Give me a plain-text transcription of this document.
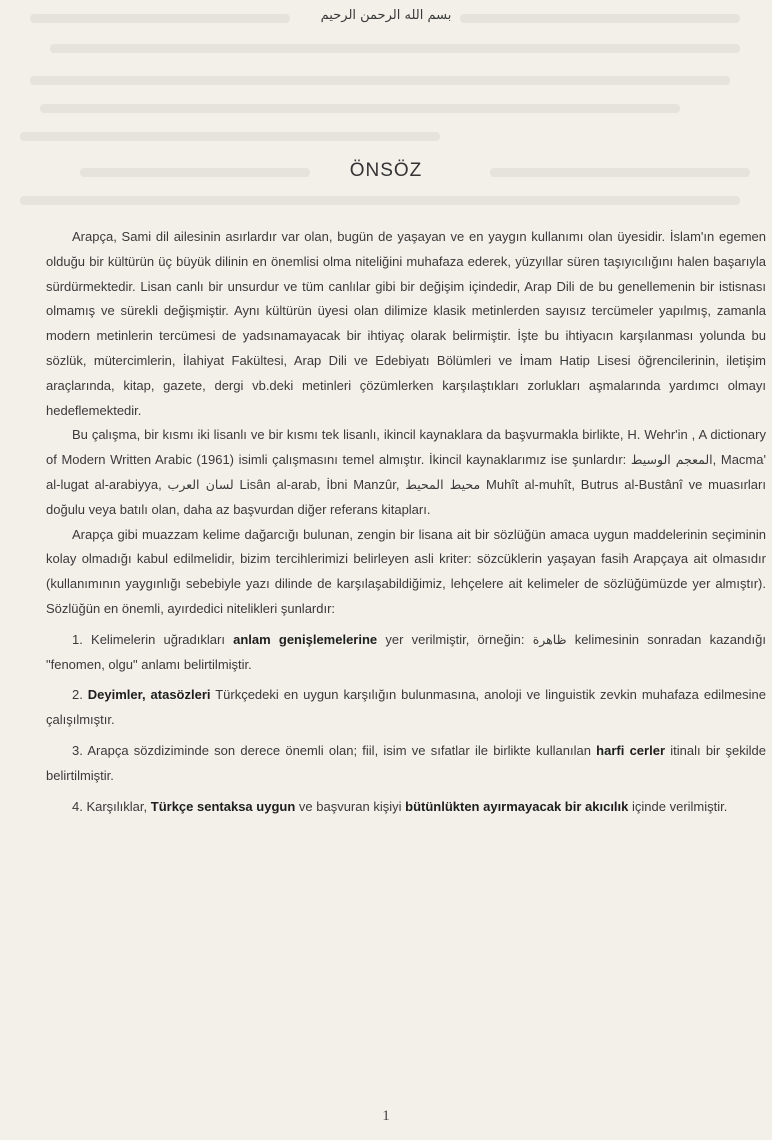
بسم الله الرحمن الرحيم
ÖNSÖZ

Arapça, Sami dil ailesinin asırlardır var olan, bugün de yaşayan ve en yaygın kullanımı olan üyesidir. İslam'ın egemen olduğu bir kültürün üç büyük dilinin en önemlisi olma niteliğini muhafaza ederek, yüzyıllar süren taşıyıcılığını halen başarıyla sürdürmektedir. Lisan canlı bir unsurdur ve tüm canlılar gibi bir değişim içindedir, Arap Dili de bu genellemenin bir istisnası olmamış ve sürekli değişmiştir. Aynı kültürün üyesi olan dilimize klasik metinlerden sayısız tercümeler yapılmış, zamanla modern metinlerin tercümesi de yadsınamayacak bir ihtiyaç olarak belirmiştir. İşte bu ihtiyacın karşılanması yolunda bu sözlük, mütercimlerin, İlahiyat Fakültesi, Arap Dili ve Edebiyatı Bölümleri ve İmam Hatip Lisesi öğrencilerinin, iletişim araçlarında, kitap, gazete, dergi vb.deki metinleri çözümlerken karşılaştıkları zorlukları aşmalarında yardımcı olmayı hedeflemektedir.

Bu çalışma, bir kısmı iki lisanlı ve bir kısmı tek lisanlı, ikincil kaynaklara da başvurmakla birlikte, H. Wehr'in , A dictionary of Modern Written Arabic (1961) isimli çalışmasını temel almıştır. İkincil kaynaklarımız ise şunlardır: المعجم الوسيط, Macma' al-lugat al-arabiyya, لسان العرب Lisân al-arab, İbni Manzûr, محيط المحيط Muhît al-muhît, Butrus al-Bustânî ve muasırları doğulu veya batılı olan, daha az başvurdan diğer referans kitapları.

Arapça gibi muazzam kelime dağarcığı bulunan, zengin bir lisana ait bir sözlüğün amaca uygun maddelerinin seçiminin kolay olmadığı kabul edilmelidir, bizim tercihlerimizi belirleyen asli kriter: sözcüklerin yaşayan fasih Arapçaya ait olmasıdır (kullanımının yaygınlığı sebebiyle yazı dilinde de karşılaşabildiğimiz, lehçelere ait kelimeler de sözlüğümüzde yer almıştır). Sözlüğün en önemli, ayırdedici nitelikleri şunlardır:

1. Kelimelerin uğradıkları anlam genişlemelerine yer verilmiştir, örneğin: ظاهرة kelimesinin sonradan kazandığı "fenomen, olgu" anlamı belirtilmiştir.

2. Deyimler, atasözleri Türkçedeki en uygun karşılığın bulunmasına, anoloji ve linguistik zevkin muhafaza edilmesine çalışılmıştır.

3. Arapça sözdiziminde son derece önemli olan; fiil, isim ve sıfatlar ile birlikte kullanılan harfi cerler itinalı bir şekilde belirtilmiştir.

4. Karşılıklar, Türkçe sentaksa uygun ve başvuran kişiyi bütünlükten ayırmayacak bir akıcılık içinde verilmiştir.

1
